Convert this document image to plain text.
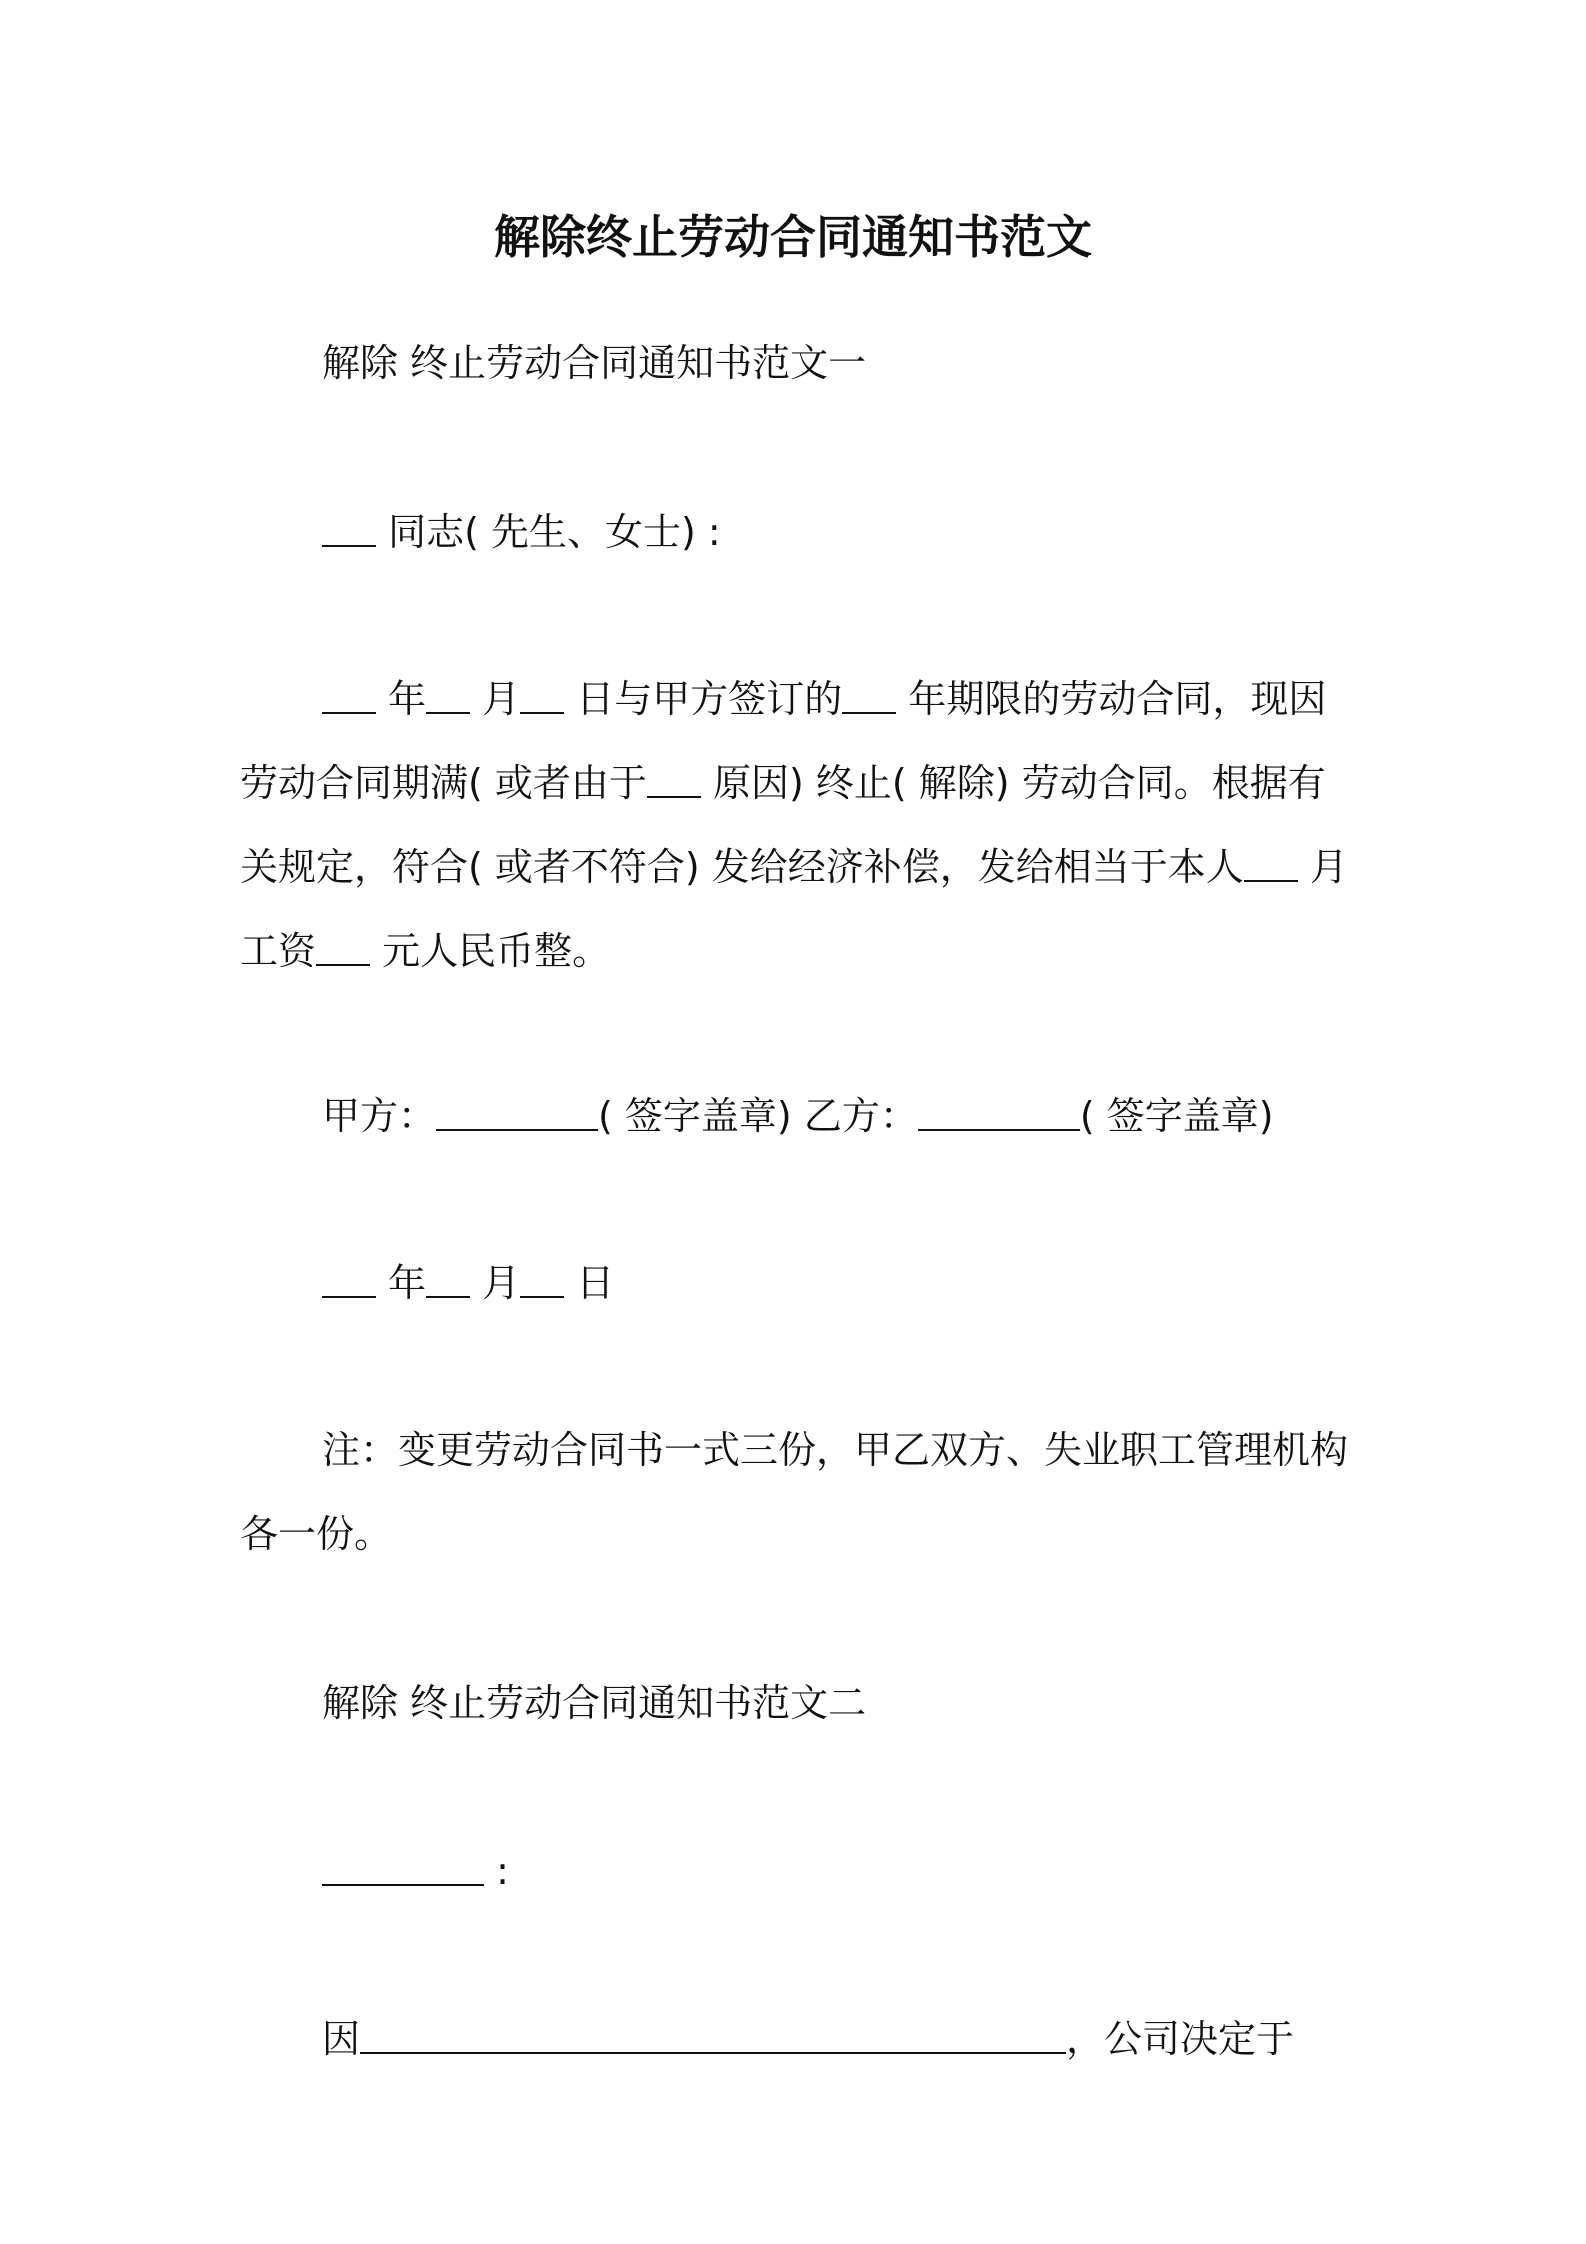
解除终止劳动合同通知书范文
解除 终止劳动合同通知书范文一
同志( 先生、女士) :
年 月 日与甲方签订的 年期限的劳动合同，现因劳动合同期满( 或者由于 原因) 终止( 解除) 劳动合同。根据有关规定，符合( 或者不符合) 发给经济补偿，发给相当于本人 月工资 元人民币整。
甲方：	( 签字盖章) 乙方：	( 签字盖章)
年 月 日
注：变更劳动合同书一式三份，甲乙双方、失业职工管理机构各一份。
解除 终止劳动合同通知书范文二
:
因	，公司决定于
